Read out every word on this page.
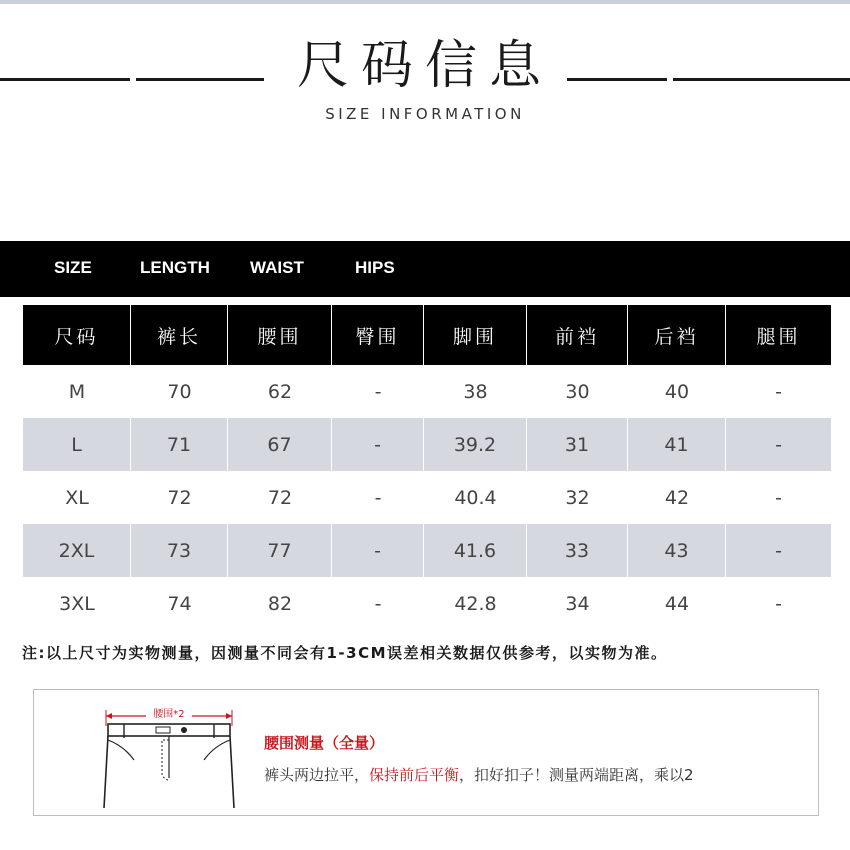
尺码信息
SIZE INFORMATION
SIZE	LENGTH WAIST	HIPS
尺码	裤长	腰围	臀围	脚围	前裆	后裆	腿围
M	70	62	-	38	30	40	-
L	71	67	-	39.2	31	41	-
XL	72	72	-	40.4	32	42	-
2XL	73	77	-	41.6	33	43	-
3XL	74	82	-	42.8	34	44	-
注:以上尺寸为实物测量，因测量不同会有1-3CM误差相关数据仅供参考，以实物为准。
腰围*2
腰围测量（全量）
裤头两边拉平，保持前后平衡，扣好扣子！测量两端距离，乘以2
